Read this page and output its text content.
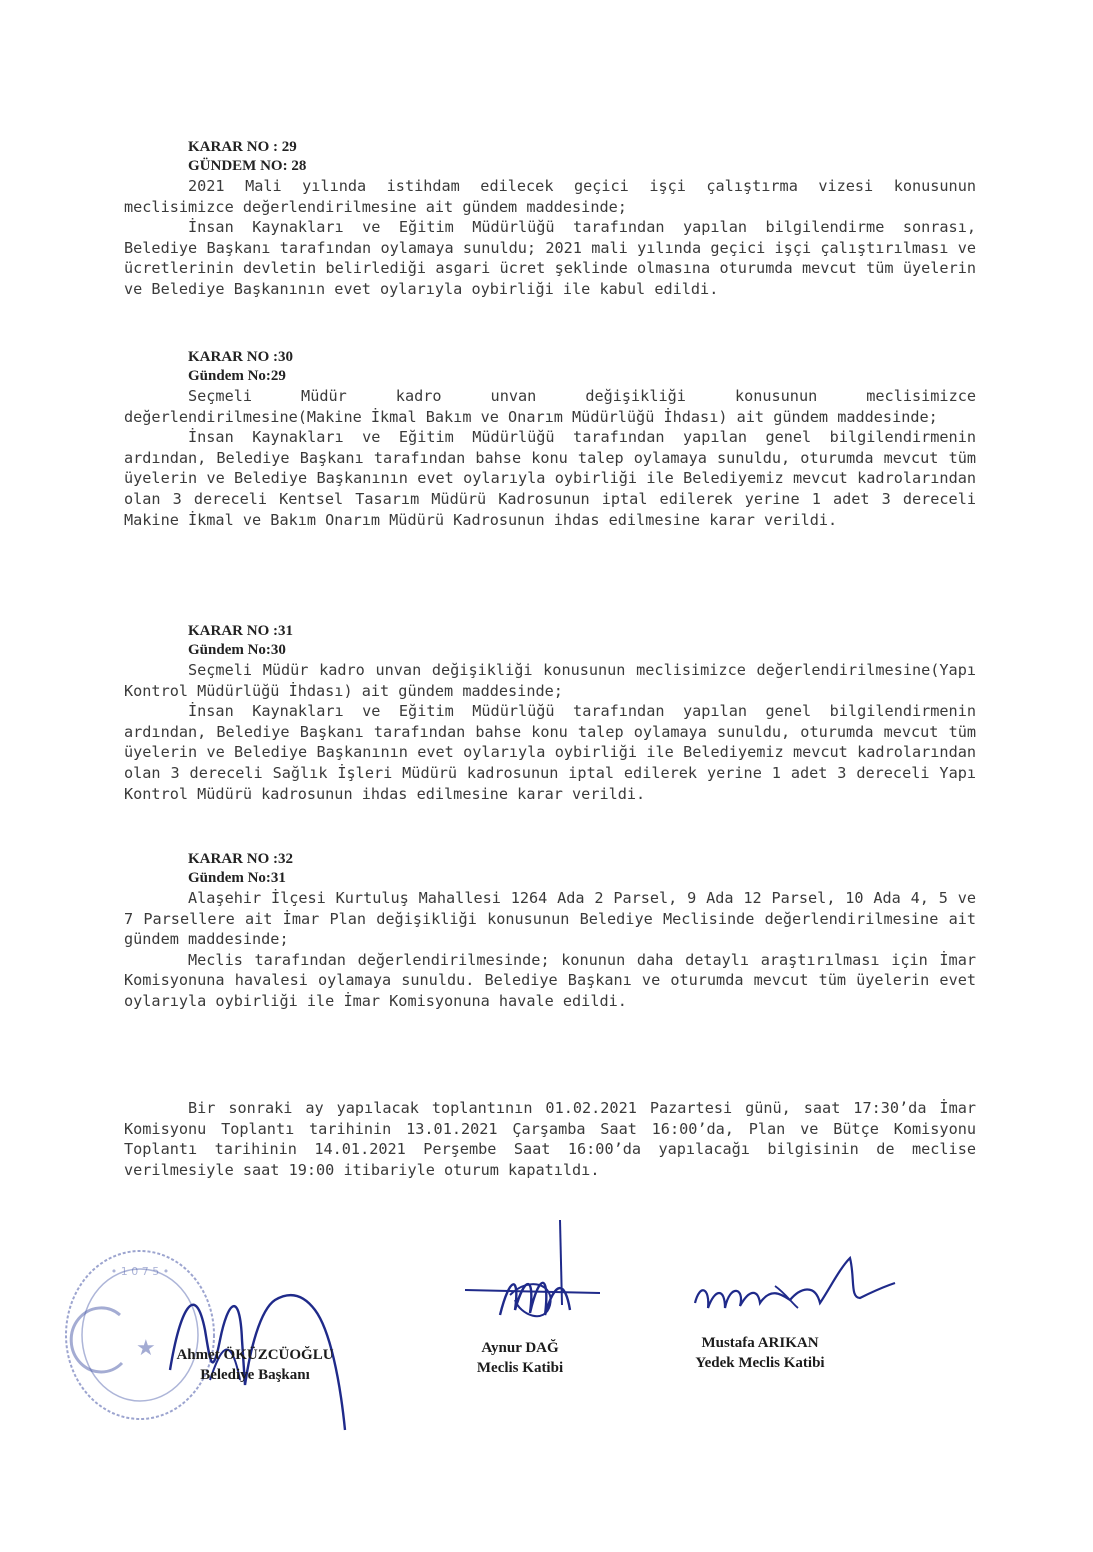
KARAR NO : 29
GÜNDEM NO: 28

2021 Mali yılında istihdam edilecek geçici işçi çalıştırma vizesi konusunun meclisimizce değerlendirilmesine ait gündem maddesinde;

İnsan Kaynakları ve Eğitim Müdürlüğü tarafından yapılan bilgilendirme sonrası, Belediye Başkanı tarafından oylamaya sunuldu; 2021 mali yılında geçici işçi çalıştırılması ve ücretlerinin devletin belirlediği asgari ücret şeklinde olmasına oturumda mevcut tüm üyelerin ve Belediye Başkanının evet oylarıyla oybirliği ile kabul edildi.

KARAR NO :30
Gündem No:29

Seçmeli Müdür kadro unvan değişikliği konusunun meclisimizce değerlendirilmesine(Makine İkmal Bakım ve Onarım Müdürlüğü İhdası) ait gündem maddesinde;

İnsan Kaynakları ve Eğitim Müdürlüğü tarafından yapılan genel bilgilendirmenin ardından, Belediye Başkanı tarafından bahse konu talep oylamaya sunuldu, oturumda mevcut tüm üyelerin ve Belediye Başkanının evet oylarıyla oybirliği ile Belediyemiz mevcut kadrolarından olan 3 dereceli Kentsel Tasarım Müdürü Kadrosunun iptal edilerek yerine 1 adet 3 dereceli Makine İkmal ve Bakım Onarım Müdürü Kadrosunun ihdas edilmesine karar verildi.

KARAR NO :31
Gündem No:30

Seçmeli Müdür kadro unvan değişikliği konusunun meclisimizce değerlendirilmesine(Yapı Kontrol Müdürlüğü İhdası) ait gündem maddesinde;

İnsan Kaynakları ve Eğitim Müdürlüğü tarafından yapılan genel bilgilendirmenin ardından, Belediye Başkanı tarafından bahse konu talep oylamaya sunuldu, oturumda mevcut tüm üyelerin ve Belediye Başkanının evet oylarıyla oybirliği ile Belediyemiz mevcut kadrolarından olan 3 dereceli Sağlık İşleri Müdürü kadrosunun iptal edilerek yerine 1 adet 3 dereceli Yapı Kontrol Müdürü kadrosunun ihdas edilmesine karar verildi.

KARAR NO :32
Gündem No:31

Alaşehir İlçesi Kurtuluş Mahallesi 1264 Ada 2 Parsel, 9 Ada 12 Parsel, 10 Ada 4, 5 ve 7 Parsellere ait İmar Plan değişikliği konusunun Belediye Meclisinde değerlendirilmesine ait gündem maddesinde;

Meclis tarafından değerlendirilmesinde; konunun daha detaylı araştırılması için İmar Komisyonuna havalesi oylamaya sunuldu. Belediye Başkanı ve oturumda mevcut tüm üyelerin evet oylarıyla oybirliği ile İmar Komisyonuna havale edildi.

Bir sonraki ay yapılacak toplantının 01.02.2021 Pazartesi günü, saat 17:30’da İmar Komisyonu Toplantı tarihinin 13.01.2021 Çarşamba Saat 16:00’da, Plan ve Bütçe Komisyonu Toplantı tarihinin 14.01.2021 Perşembe Saat 16:00’da yapılacağı bilgisinin de meclise verilmesiyle saat 19:00 itibariyle oturum kapatıldı.

★
• 1 0 7 5 •
Ahmet ÖKÜZCÜOĞLU
Belediye Başkanı
Aynur DAĞ
Meclis Katibi
Mustafa ARIKAN
Yedek Meclis Katibi
